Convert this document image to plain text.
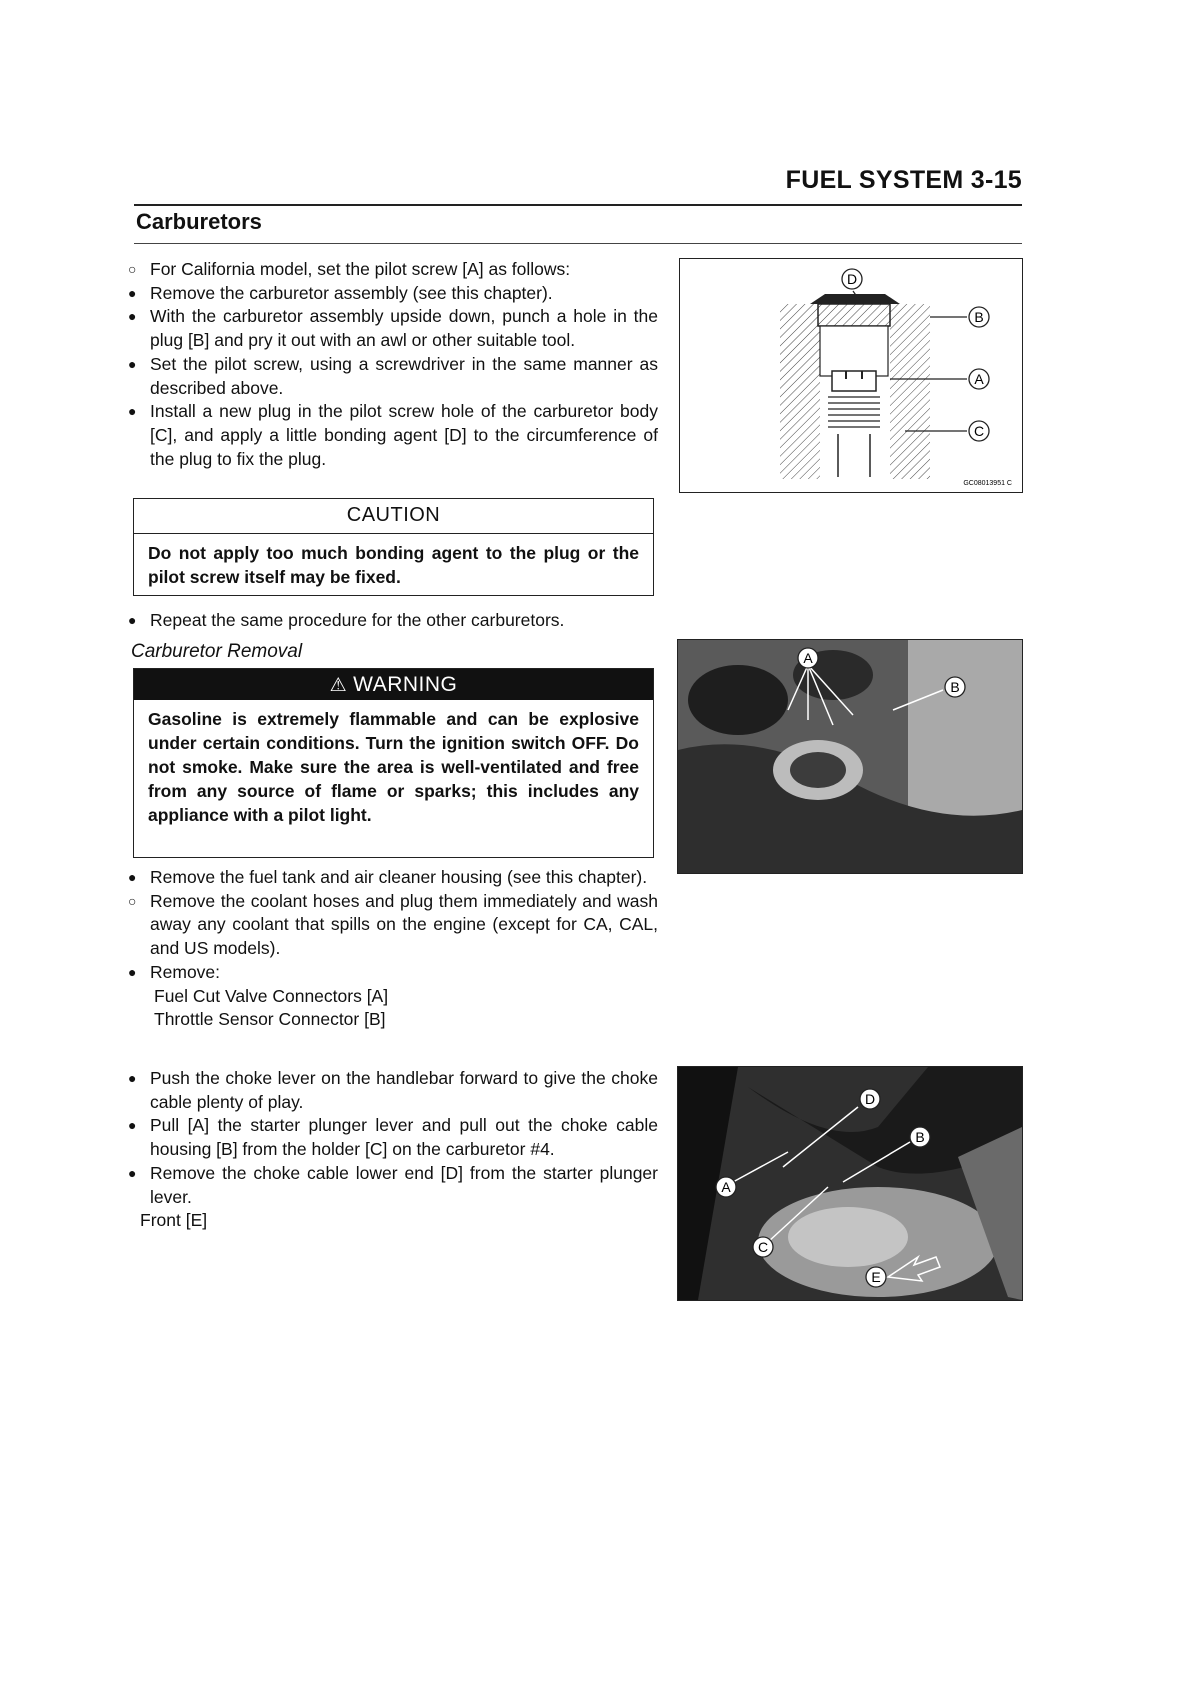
FUEL SYSTEM 3-15
Carburetors

○ For California model, set the pilot screw [A] as follows:

● Remove the carburetor assembly (see this chapter).

● With the carburetor assembly upside down, punch a hole in the plug [B] and pry it out with an awl or other suitable tool.

● Set the pilot screw, using a screwdriver in the same manner as described above.

● Install a new plug in the pilot screw hole of the carburetor body [C], and apply a little bonding agent [D] to the circumference of the plug to fix the plug.

CAUTION
Do not apply too much bonding agent to the plug or the pilot screw itself may be fixed.

● Repeat the same procedure for the other carburetors.

Carburetor Removal
⚠ WARNING
Gasoline is extremely flammable and can be explosive under certain conditions. Turn the ignition switch OFF. Do not smoke. Make sure the area is well-ventilated and free from any source of flame or sparks; this includes any appliance with a pilot light.

● Remove the fuel tank and air cleaner housing (see this chapter).

○ Remove the coolant hoses and plug them immediately and wash away any coolant that spills on the engine (except for CA, CAL, and US models).

● Remove:

Fuel Cut Valve Connectors [A]

Throttle Sensor Connector [B]

● Push the choke lever on the handlebar forward to give the choke cable plenty of play.

● Pull [A] the starter plunger lever and pull out the choke cable housing [B] from the holder [C] on the carburetor #4.

● Remove the choke cable lower end [D] from the starter plunger lever.

Front [E]

D
B
A
C
GC08013951 C
A
B
D
B
A
C
E
